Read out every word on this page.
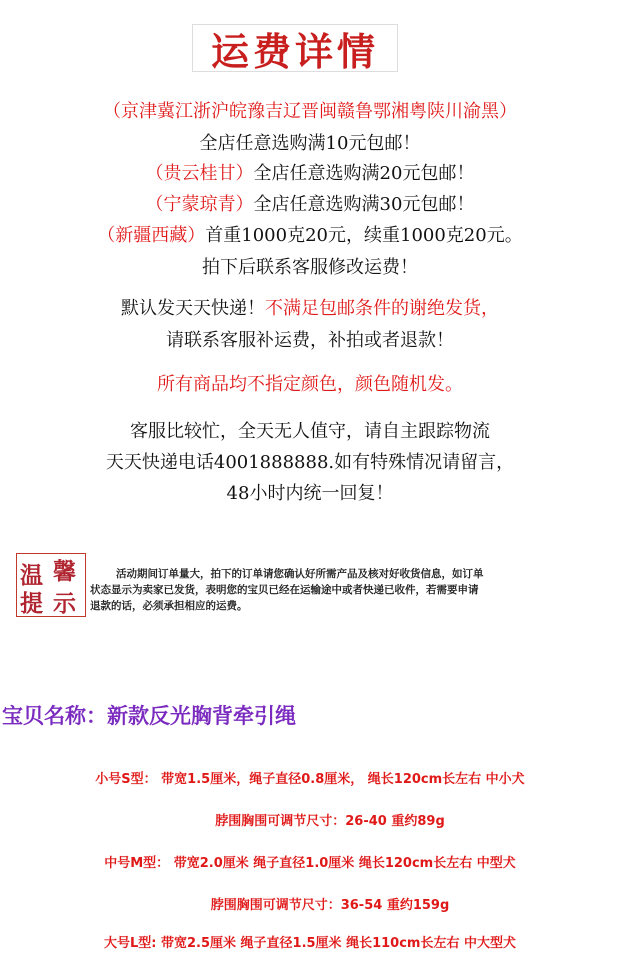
运费详情
（京津冀江浙沪皖豫吉辽晋闽赣鲁鄂湘粤陕川渝黑）
全店任意选购满10元包邮！
（贵云桂甘）全店任意选购满20元包邮！
（宁蒙琼青）全店任意选购满30元包邮！
（新疆西藏）首重1000克20元，续重1000克20元。
拍下后联系客服修改运费！
默认发天天快递！不满足包邮条件的谢绝发货，
请联系客服补运费，补拍或者退款！
所有商品均不指定颜色，颜色随机发。
客服比较忙，全天无人值守，请自主跟踪物流
天天快递电话4001888888.如有特殊情况请留言，
48小时内统一回复！
温 馨
提 示
活动期间订单量大，拍下的订单请您确认好所需产品及核对好收货信息，如订单
状态显示为卖家已发货，表明您的宝贝已经在运输途中或者快递已收件，若需要申请
退款的话，必须承担相应的运费。
宝贝名称：新款反光胸背牵引绳
小号S型： 带宽1.5厘米，绳子直径0.8厘米， 绳长120cm长左右 中小犬
脖围胸围可调节尺寸：26-40 重约89g
中号M型： 带宽2.0厘米 绳子直径1.0厘米 绳长120cm长左右 中型犬
脖围胸围可调节尺寸：36-54 重约159g
大号L型: 带宽2.5厘米 绳子直径1.5厘米 绳长110cm长左右 中大型犬
